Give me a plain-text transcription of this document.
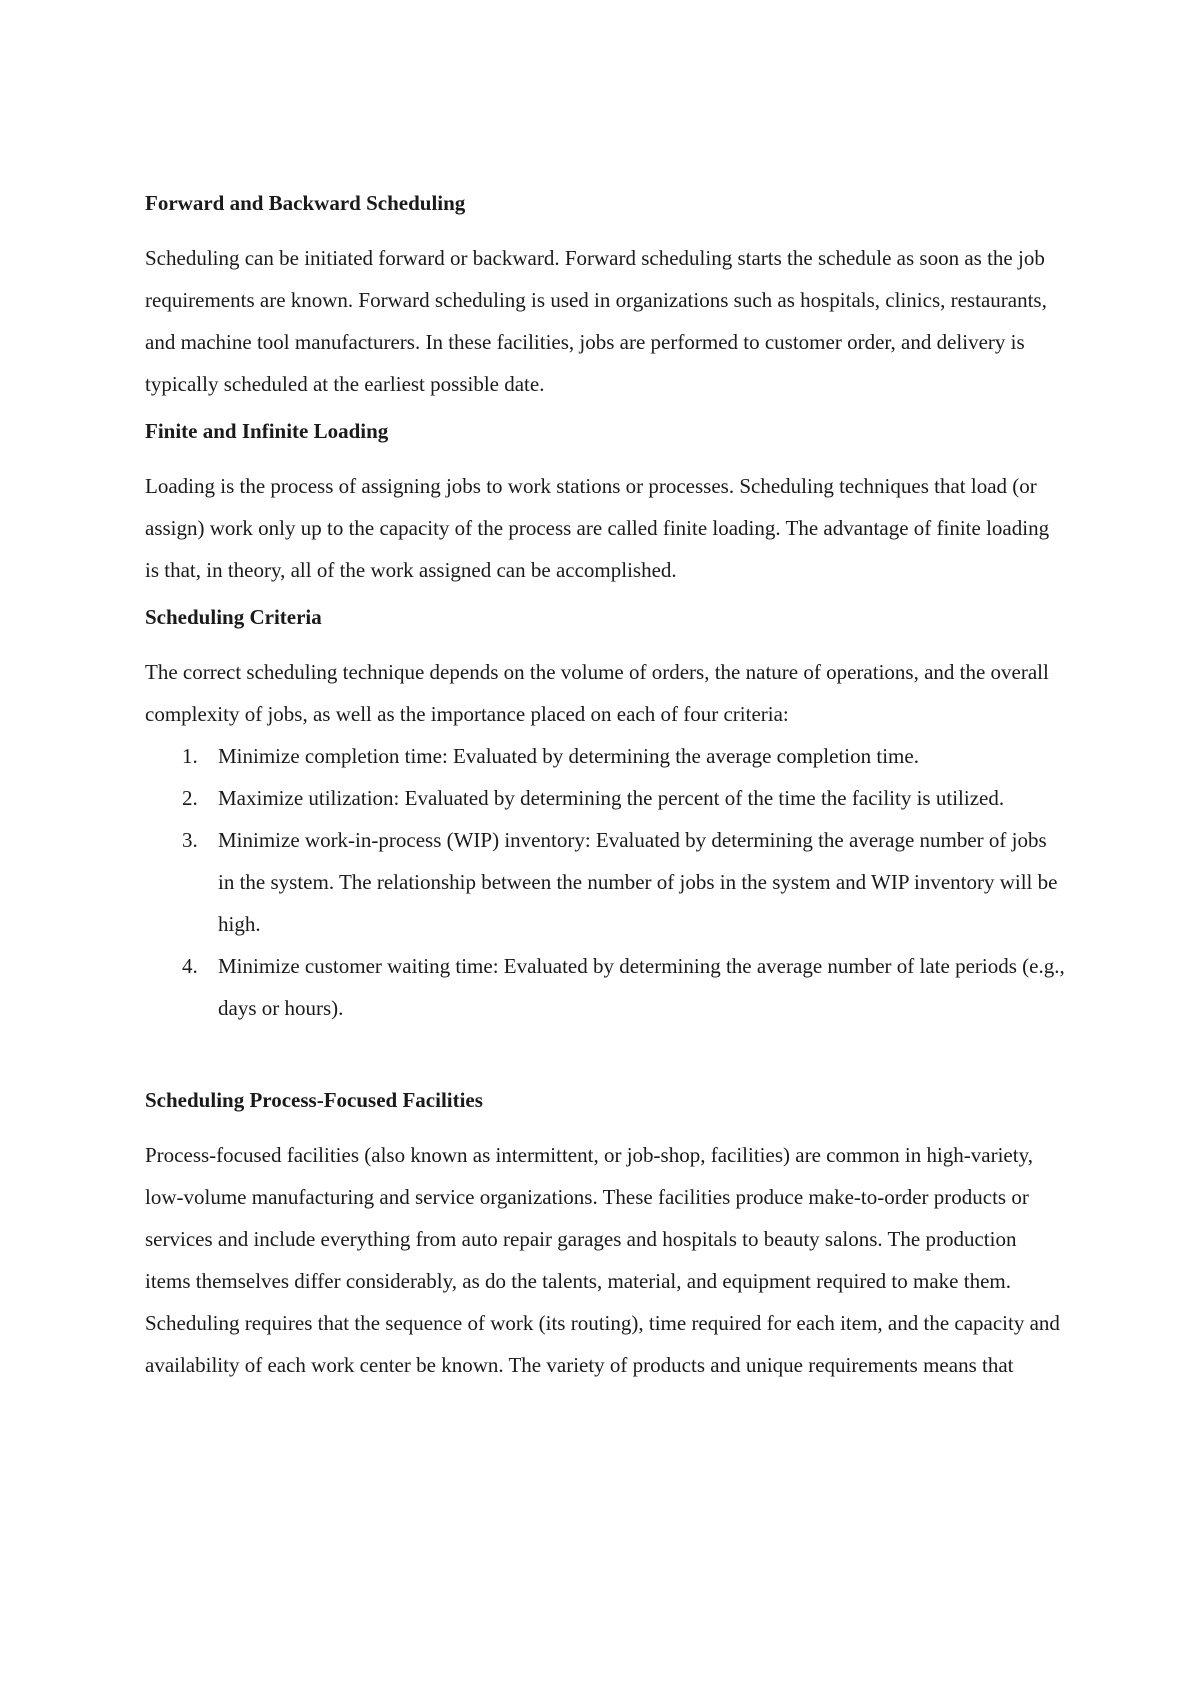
Forward and Backward Scheduling

Scheduling can be initiated forward or backward. Forward scheduling starts the schedule as soon as the job requirements are known. Forward scheduling is used in organizations such as hospitals, clinics, restaurants, and machine tool manufacturers. In these facilities, jobs are performed to customer order, and delivery is typically scheduled at the earliest possible date.

Finite and Infinite Loading

Loading is the process of assigning jobs to work stations or processes. Scheduling techniques that load (or assign) work only up to the capacity of the process are called finite loading. The advantage of finite loading is that, in theory, all of the work assigned can be accomplished.

Scheduling Criteria

The correct scheduling technique depends on the volume of orders, the nature of operations, and the overall complexity of jobs, as well as the importance placed on each of four criteria:

1. Minimize completion time: Evaluated by determining the average completion time.
2. Maximize utilization: Evaluated by determining the percent of the time the facility is utilized.
3. Minimize work-in-process (WIP) inventory: Evaluated by determining the average number of jobs in the system. The relationship between the number of jobs in the system and WIP inventory will be high.
4. Minimize customer waiting time: Evaluated by determining the average number of late periods (e.g., days or hours).
Scheduling Process-Focused Facilities

Process-focused facilities (also known as intermittent, or job-shop, facilities) are common in high-variety, low-volume manufacturing and service organizations. These facilities produce make-to-order products or services and include everything from auto repair garages and hospitals to beauty salons. The production items themselves differ considerably, as do the talents, material, and equipment required to make them. Scheduling requires that the sequence of work (its routing), time required for each item, and the capacity and availability of each work center be known. The variety of products and unique requirements means that
